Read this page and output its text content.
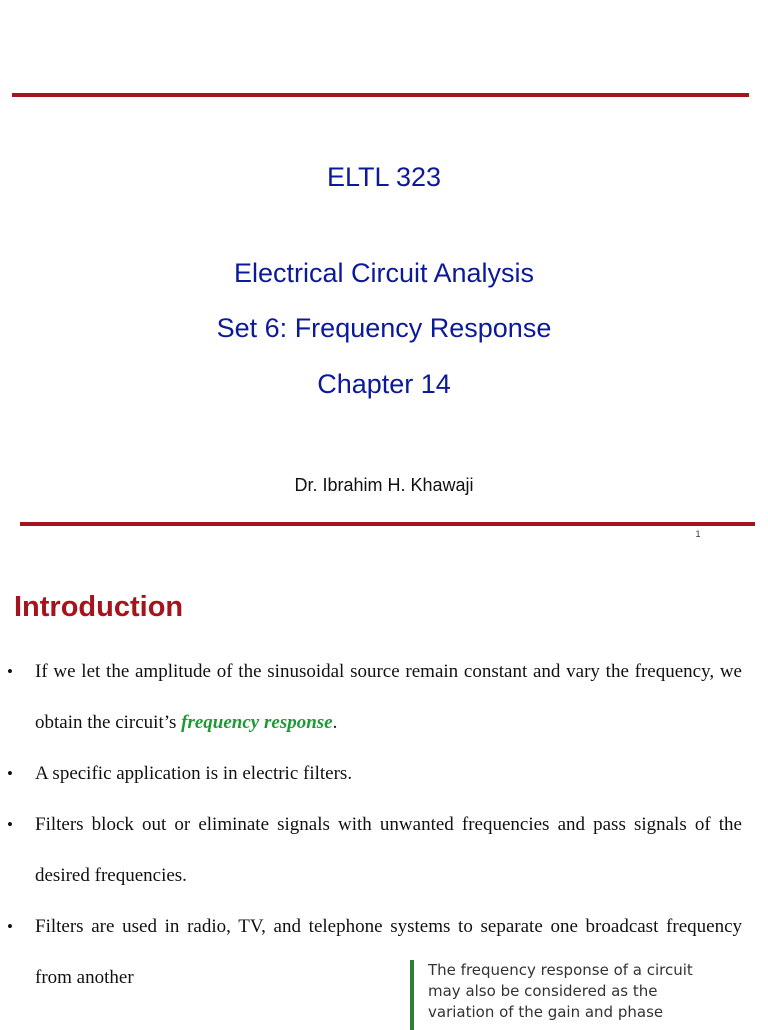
ELTL 323
Electrical Circuit Analysis
Set 6: Frequency Response
Chapter 14
Dr. Ibrahim H. Khawaji
1
Introduction
• If we let the amplitude of the sinusoidal source remain constant and vary the frequency, we obtain the circuit’s frequency response.
• A specific application is in electric filters.
• Filters block out or eliminate signals with unwanted frequencies and pass signals of the desired frequencies.
• Filters are used in radio, TV, and telephone systems to separate one broadcast frequency from another	The frequency response of a circuit may also be considered as the variation of the gain and phase
